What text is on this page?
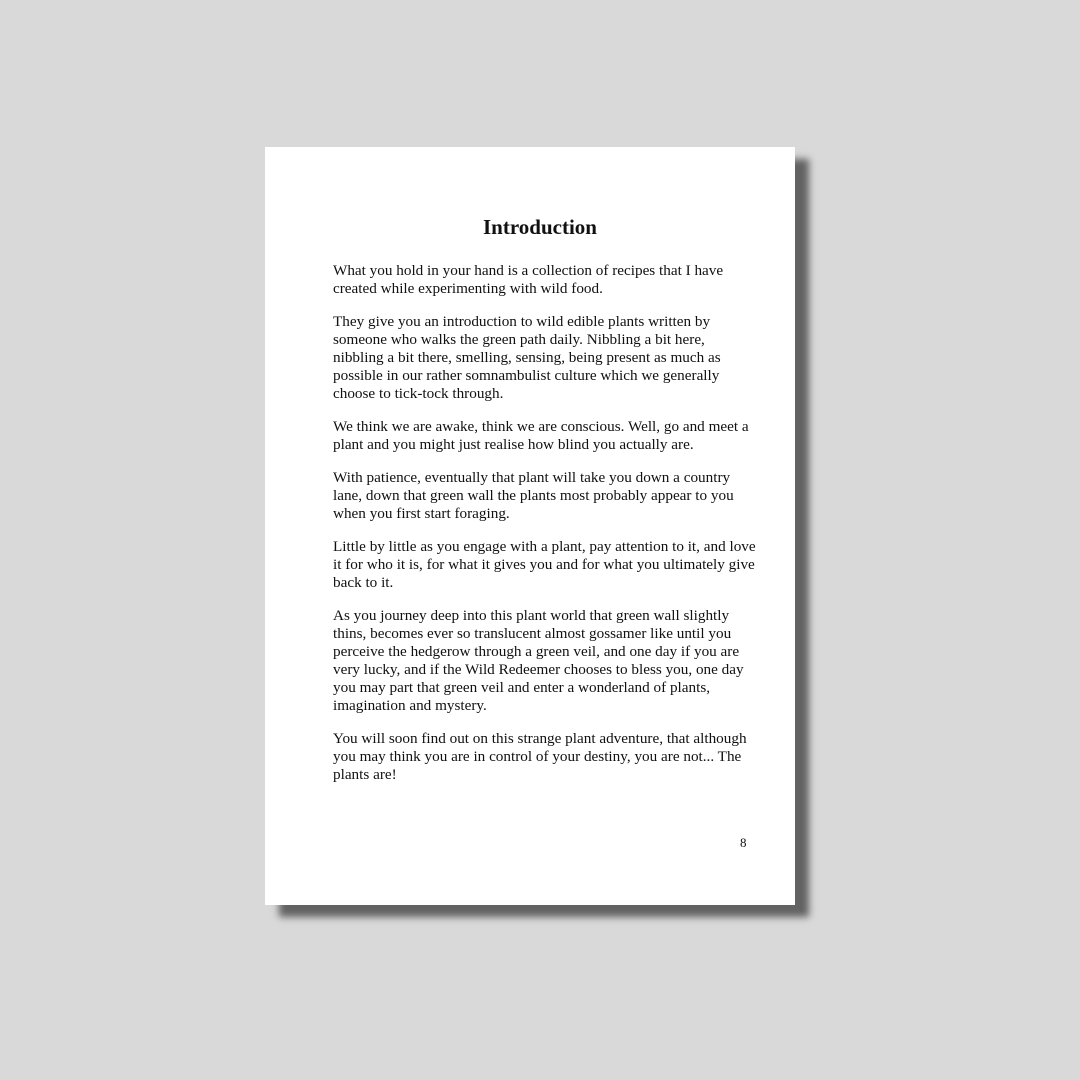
Introduction

What you hold in your hand is a collection of recipes that I have created while experimenting with wild food.

They give you an introduction to wild edible plants written by someone who walks the green path daily. Nibbling a bit here, nibbling a bit there, smelling, sensing, being present as much as possible in our rather somnambulist culture which we generally choose to tick-tock through.

We think we are awake, think we are conscious. Well, go and meet a plant and you might just realise how blind you actually are.

With patience, eventually that plant will take you down a country lane, down that green wall the plants most probably appear to you when you first start foraging.

Little by little as you engage with a plant, pay attention to it, and love it for who it is, for what it gives you and for what you ultimately give back to it.

As you journey deep into this plant world that green wall slightly thins, becomes ever so translucent almost gossamer like until you perceive the hedgerow through a green veil, and one day if you are very lucky, and if the Wild Redeemer chooses to bless you, one day you may part that green veil and enter a wonderland of plants, imagination and mystery.

You will soon find out on this strange plant adventure, that although you may think you are in control of your destiny, you are not... The plants are!

8
